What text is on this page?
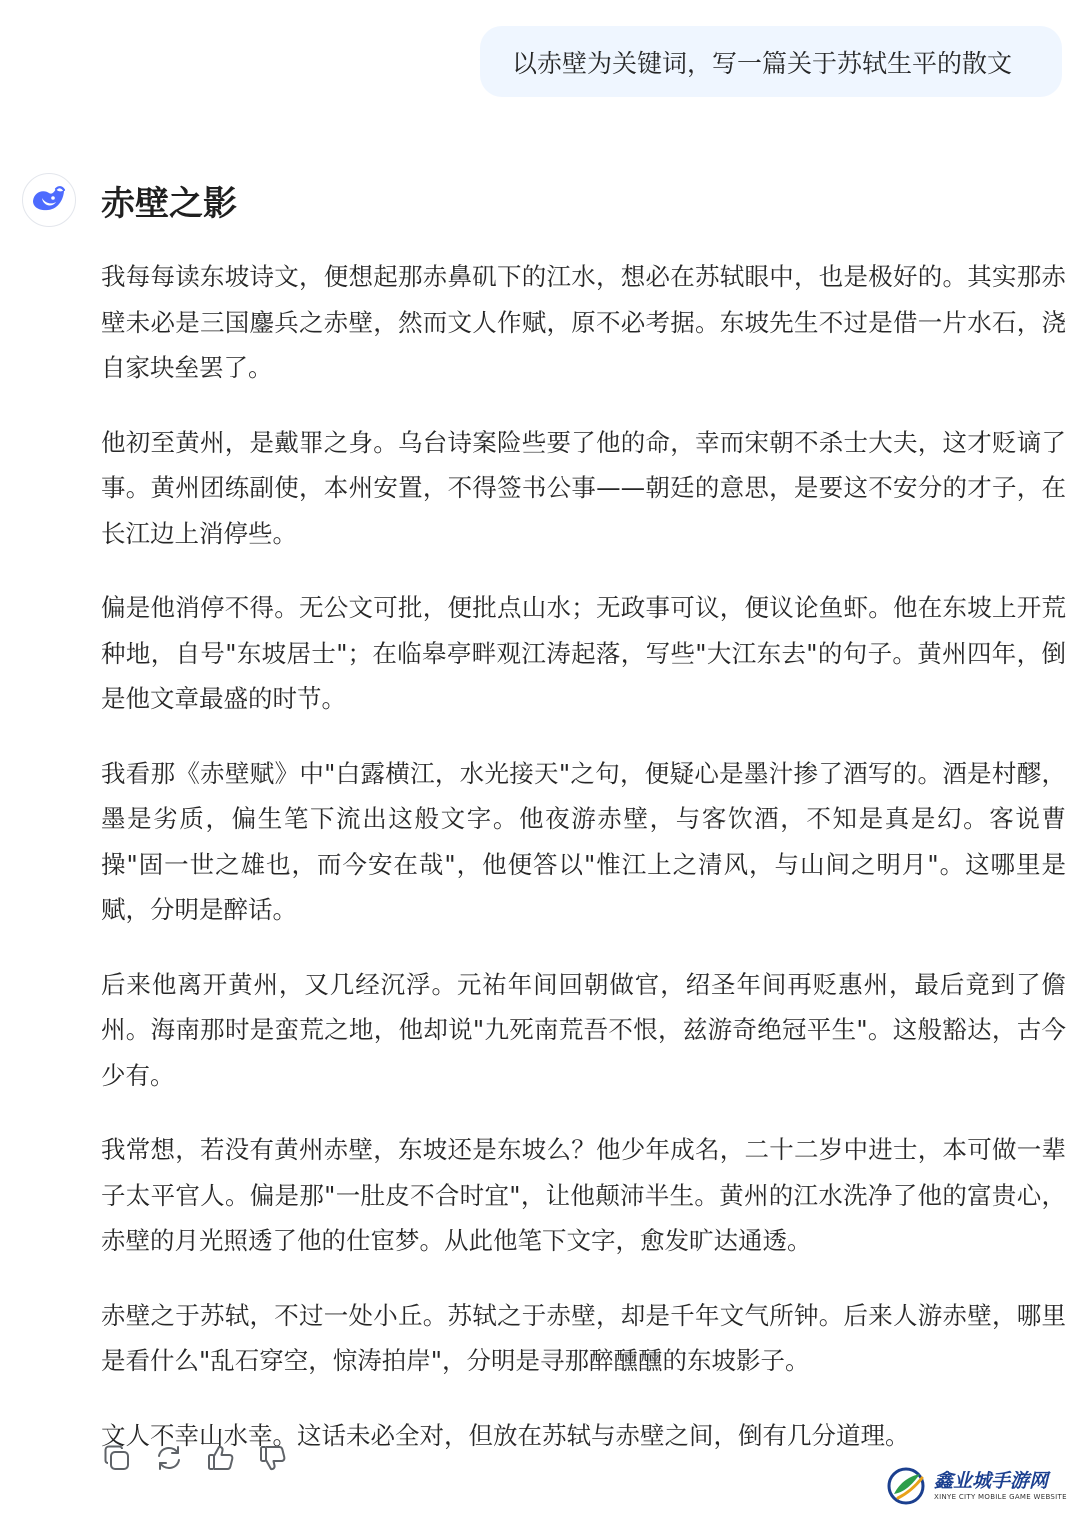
以赤壁为关键词，写一篇关于苏轼生平的散文
赤壁之影

我每每读东坡诗文，便想起那赤鼻矶下的江水，想必在苏轼眼中，也是极好的。其实那赤壁未必是三国鏖兵之赤壁，然而文人作赋，原不必考据。东坡先生不过是借一片水石，浇自家块垒罢了。

他初至黄州，是戴罪之身。乌台诗案险些要了他的命，幸而宋朝不杀士大夫，这才贬谪了事。黄州团练副使，本州安置，不得签书公事——朝廷的意思，是要这不安分的才子，在长江边上消停些。

偏是他消停不得。无公文可批，便批点山水；无政事可议，便议论鱼虾。他在东坡上开荒种地，自号"东坡居士"；在临皋亭畔观江涛起落，写些"大江东去"的句子。黄州四年，倒是他文章最盛的时节。

我看那《赤壁赋》中"白露横江，水光接天"之句，便疑心是墨汁掺了酒写的。酒是村醪，墨是劣质，偏生笔下流出这般文字。他夜游赤壁，与客饮酒，不知是真是幻。客说曹操"固一世之雄也，而今安在哉"，他便答以"惟江上之清风，与山间之明月"。这哪里是赋，分明是醉话。

后来他离开黄州，又几经沉浮。元祐年间回朝做官，绍圣年间再贬惠州，最后竟到了儋州。海南那时是蛮荒之地，他却说"九死南荒吾不恨，兹游奇绝冠平生"。这般豁达，古今少有。

我常想，若没有黄州赤壁，东坡还是东坡么？他少年成名，二十二岁中进士，本可做一辈子太平官人。偏是那"一肚皮不合时宜"，让他颠沛半生。黄州的江水洗净了他的富贵心，赤壁的月光照透了他的仕宦梦。从此他笔下文字，愈发旷达通透。

赤壁之于苏轼，不过一处小丘。苏轼之于赤壁，却是千年文气所钟。后来人游赤壁，哪里是看什么"乱石穿空，惊涛拍岸"，分明是寻那醉醺醺的东坡影子。

文人不幸山水幸。这话未必全对，但放在苏轼与赤壁之间，倒有几分道理。

鑫业城手游网
XINYE CITY MOBILE GAME WEBSITE
